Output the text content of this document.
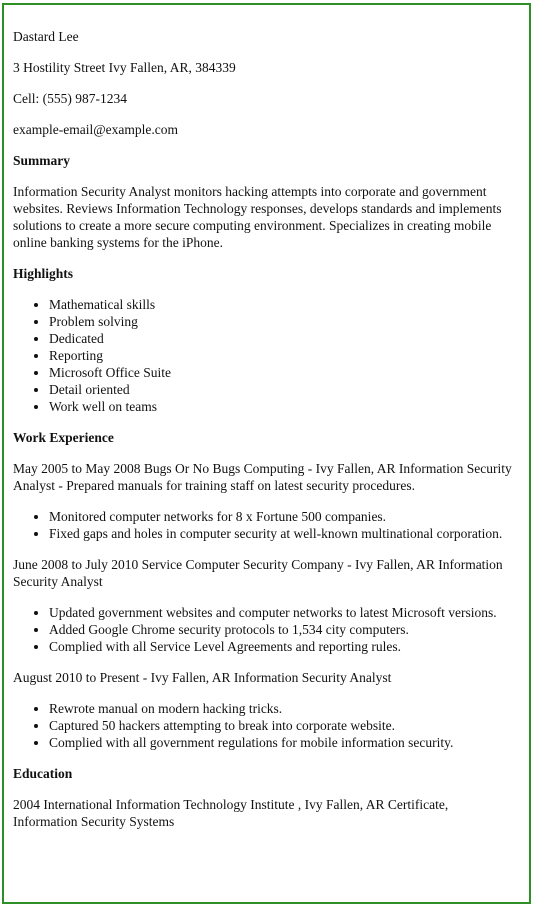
Dastard Lee

3 Hostility Street Ivy Fallen, AR, 384339

Cell: (555) 987-1234

example-email@example.com

Summary

Information Security Analyst monitors hacking attempts into corporate and government websites. Reviews Information Technology responses, develops standards and implements solutions to create a more secure computing environment. Specializes in creating mobile online banking systems for the iPhone.

Highlights
• Mathematical skills
• Problem solving
• Dedicated
• Reporting
• Microsoft Office Suite
• Detail oriented
• Work well on teams
Work Experience

May 2005 to May 2008 Bugs Or No Bugs Computing - Ivy Fallen, AR Information Security Analyst - Prepared manuals for training staff on latest security procedures.

• Monitored computer networks for 8 x Fortune 500 companies.
• Fixed gaps and holes in computer security at well-known multinational corporation.

June 2008 to July 2010 Service Computer Security Company - Ivy Fallen, AR Information Security Analyst

• Updated government websites and computer networks to latest Microsoft versions.
• Added Google Chrome security protocols to 1,534 city computers.
• Complied with all Service Level Agreements and reporting rules.

August 2010 to Present - Ivy Fallen, AR Information Security Analyst

• Rewrote manual on modern hacking tricks.
• Captured 50 hackers attempting to break into corporate website.
• Complied with all government regulations for mobile information security.
Education

2004 International Information Technology Institute , Ivy Fallen, AR Certificate, Information Security Systems
